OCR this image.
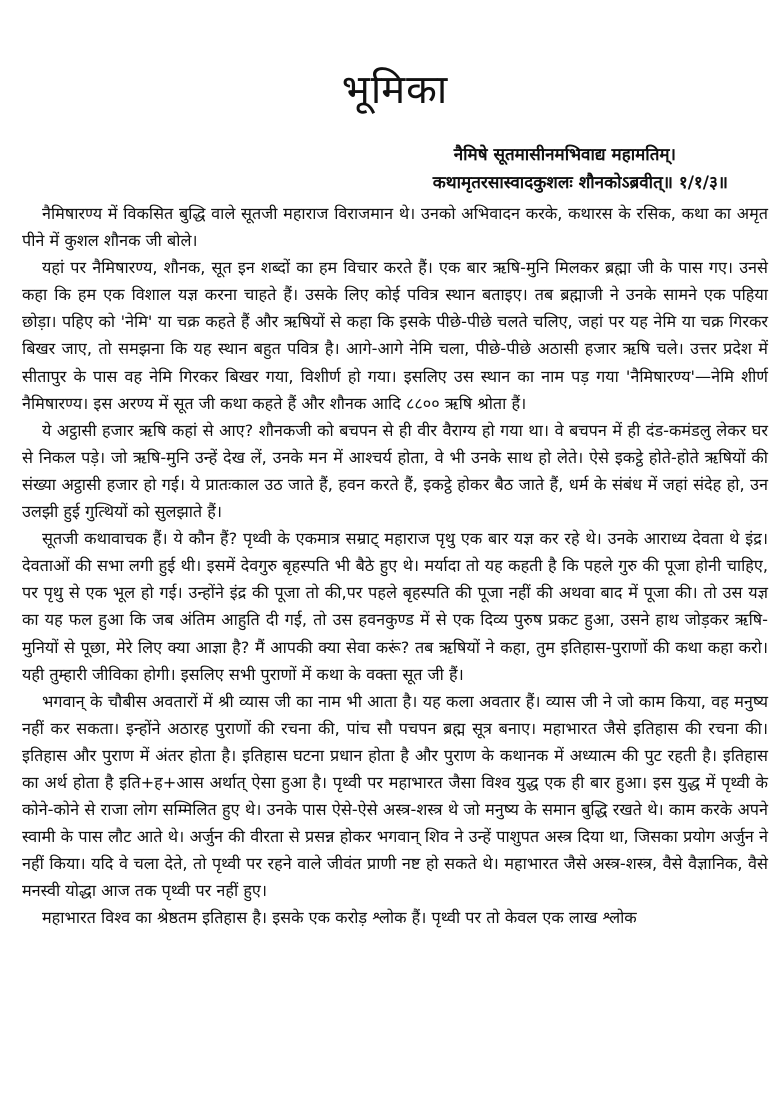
भूमिका
नैमिषे सूतमासीनमभिवाद्य महामतिम्।
कथामृतरसास्वादकुशलः शौनकोऽब्रवीत्॥ १/१/३॥

नैमिषारण्य में विकसित बुद्धि वाले सूतजी महाराज विराजमान थे। उनको अभिवादन करके, कथारस के रसिक, कथा का अमृत पीने में कुशल शौनक जी बोले।

यहां पर नैमिषारण्य, शौनक, सूत इन शब्दों का हम विचार करते हैं। एक बार ऋषि-मुनि मिलकर ब्रह्मा जी के पास गए। उनसे कहा कि हम एक विशाल यज्ञ करना चाहते हैं। उसके लिए कोई पवित्र स्थान बताइए। तब ब्रह्माजी ने उनके सामने एक पहिया छोड़ा। पहिए को 'नेमि' या चक्र कहते हैं और ऋषियों से कहा कि इसके पीछे-पीछे चलते चलिए, जहां पर यह नेमि या चक्र गिरकर बिखर जाए, तो समझना कि यह स्थान बहुत पवित्र है। आगे-आगे नेमि चला, पीछे-पीछे अठासी हजार ऋषि चले। उत्तर प्रदेश में सीतापुर के पास वह नेमि गिरकर बिखर गया, विशीर्ण हो गया। इसलिए उस स्थान का नाम पड़ गया 'नैमिषारण्य'—नेमि शीर्ण नैमिषारण्य। इस अरण्य में सूत जी कथा कहते हैं और शौनक आदि ८८०० ऋषि श्रोता हैं।

ये अट्ठासी हजार ऋषि कहां से आए? शौनकजी को बचपन से ही वीर वैराग्य हो गया था। वे बचपन में ही दंड-कमंडलु लेकर घर से निकल पड़े। जो ऋषि-मुनि उन्हें देख लें, उनके मन में आश्चर्य होता, वे भी उनके साथ हो लेते। ऐसे इकट्ठे होते-होते ऋषियों की संख्या अट्ठासी हजार हो गई। ये प्रातःकाल उठ जाते हैं, हवन करते हैं, इकट्ठे होकर बैठ जाते हैं, धर्म के संबंध में जहां संदेह हो, उन उलझी हुई गुत्थियों को सुलझाते हैं।

सूतजी कथावाचक हैं। ये कौन हैं? पृथ्वी के एकमात्र सम्राट् महाराज पृथु एक बार यज्ञ कर रहे थे। उनके आराध्य देवता थे इंद्र। देवताओं की सभा लगी हुई थी। इसमें देवगुरु बृहस्पति भी बैठे हुए थे। मर्यादा तो यह कहती है कि पहले गुरु की पूजा होनी चाहिए, पर पृथु से एक भूल हो गई। उन्होंने इंद्र की पूजा तो की,पर पहले बृहस्पति की पूजा नहीं की अथवा बाद में पूजा की। तो उस यज्ञ का यह फल हुआ कि जब अंतिम आहुति दी गई, तो उस हवनकुण्ड में से एक दिव्य पुरुष प्रकट हुआ, उसने हाथ जोड़कर ऋषि-मुनियों से पूछा, मेरे लिए क्या आज्ञा है? मैं आपकी क्या सेवा करूं? तब ऋषियों ने कहा, तुम इतिहास-पुराणों की कथा कहा करो। यही तुम्हारी जीविका होगी। इसलिए सभी पुराणों में कथा के वक्ता सूत जी हैं।

भगवान् के चौबीस अवतारों में श्री व्यास जी का नाम भी आता है। यह कला अवतार हैं। व्यास जी ने जो काम किया, वह मनुष्य नहीं कर सकता। इन्होंने अठारह पुराणों की रचना की, पांच सौ पचपन ब्रह्म सूत्र बनाए। महाभारत जैसे इतिहास की रचना की। इतिहास और पुराण में अंतर होता है। इतिहास घटना प्रधान होता है और पुराण के कथानक में अध्यात्म की पुट रहती है। इतिहास का अर्थ होता है इति+ह+आस अर्थात् ऐसा हुआ है। पृथ्वी पर महाभारत जैसा विश्व युद्ध एक ही बार हुआ। इस युद्ध में पृथ्वी के कोने-कोने से राजा लोग सम्मिलित हुए थे। उनके पास ऐसे-ऐसे अस्त्र-शस्त्र थे जो मनुष्य के समान बुद्धि रखते थे। काम करके अपने स्वामी के पास लौट आते थे। अर्जुन की वीरता से प्रसन्न होकर भगवान् शिव ने उन्हें पाशुपत अस्त्र दिया था, जिसका प्रयोग अर्जुन ने नहीं किया। यदि वे चला देते, तो पृथ्वी पर रहने वाले जीवंत प्राणी नष्ट हो सकते थे। महाभारत जैसे अस्त्र-शस्त्र, वैसे वैज्ञानिक, वैसे मनस्वी योद्धा आज तक पृथ्वी पर नहीं हुए।

महाभारत विश्व का श्रेष्ठतम इतिहास है। इसके एक करोड़ श्लोक हैं। पृथ्वी पर तो केवल एक लाख श्लोक
